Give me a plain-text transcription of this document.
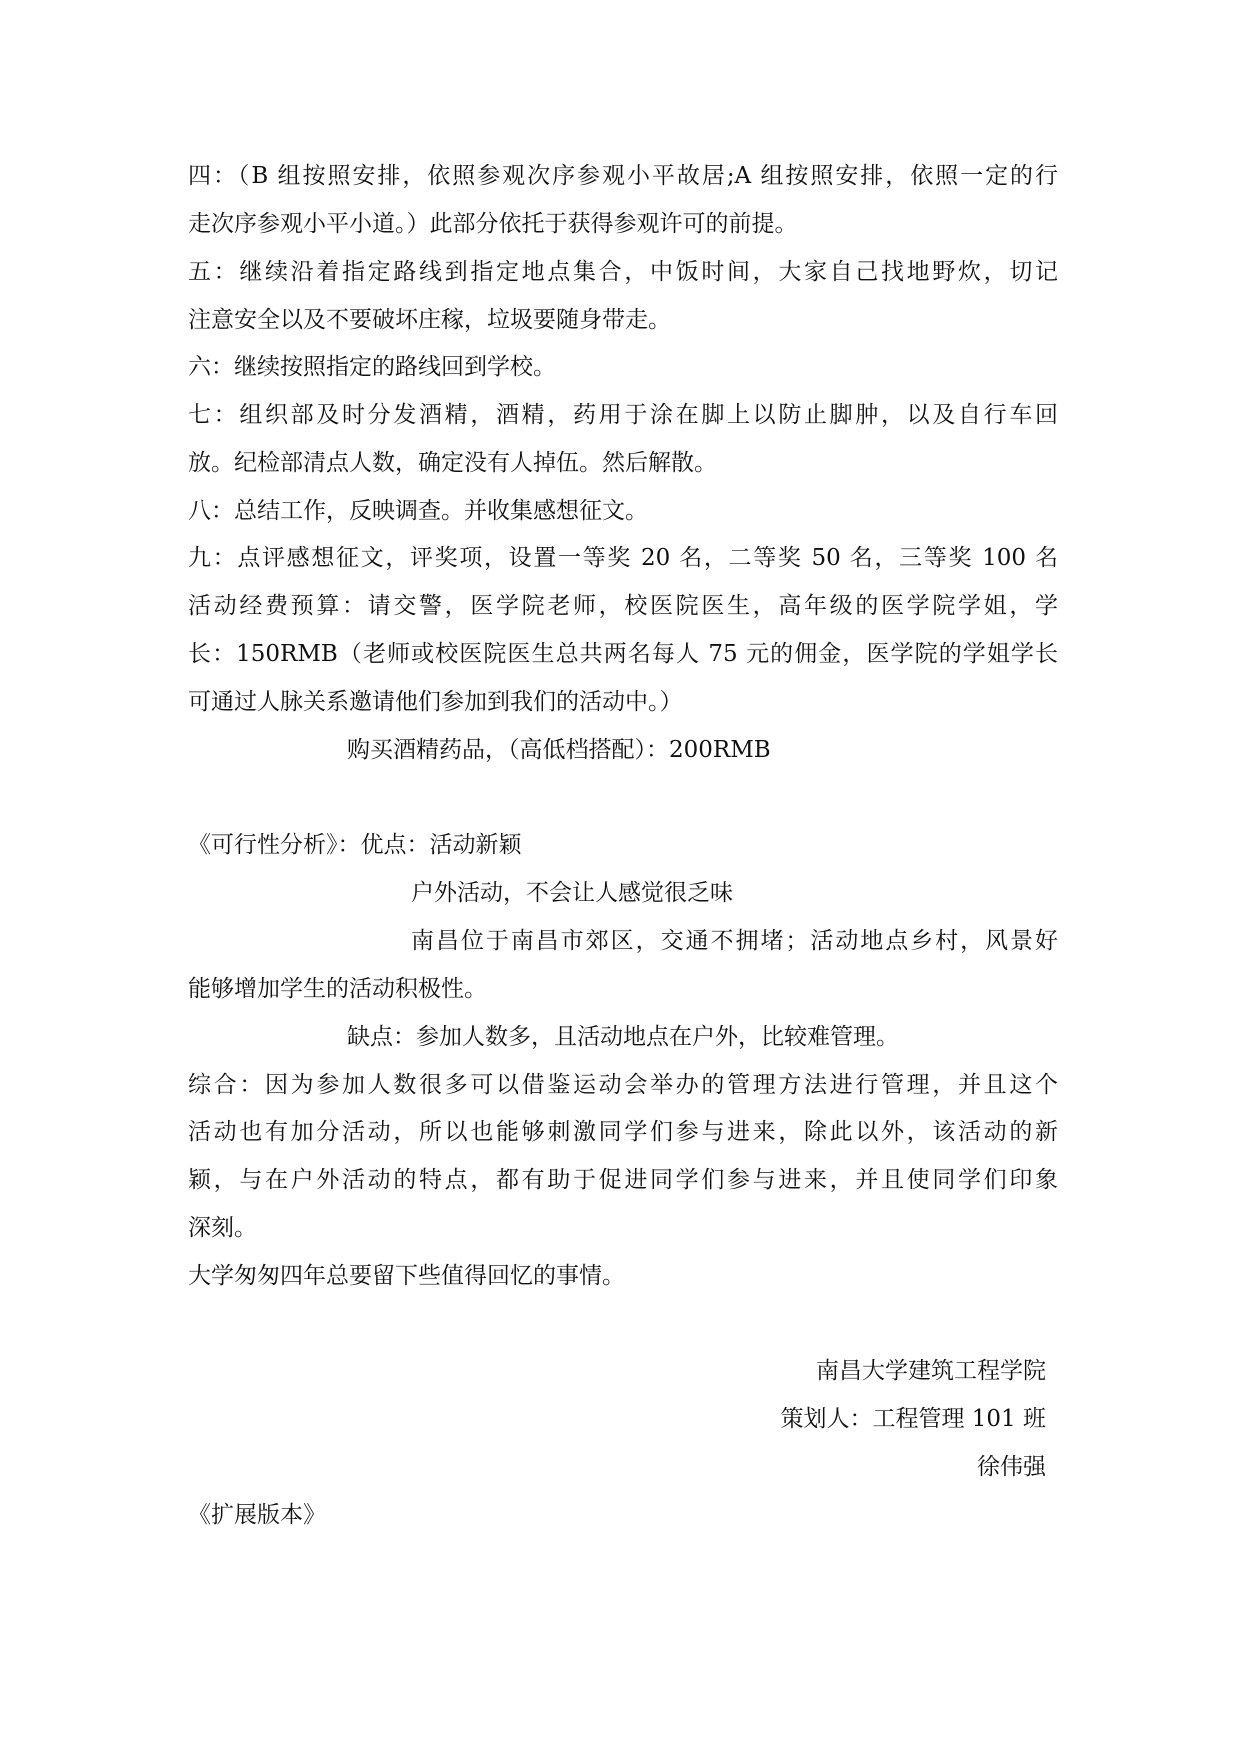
四：（B 组按照安排，依照参观次序参观小平故居;A 组按照安排，依照一定的行
走次序参观小平小道。）此部分依托于获得参观许可的前提。
五：继续沿着指定路线到指定地点集合，中饭时间，大家自己找地野炊，切记
注意安全以及不要破坏庄稼，垃圾要随身带走。
六：继续按照指定的路线回到学校。
七：组织部及时分发酒精，酒精，药用于涂在脚上以防止脚肿，以及自行车回
放。纪检部清点人数，确定没有人掉伍。然后解散。
八：总结工作，反映调查。并收集感想征文。
九：点评感想征文，评奖项，设置一等奖 20 名，二等奖 50 名，三等奖 100 名
活动经费预算：请交警，医学院老师，校医院医生，高年级的医学院学姐，学
长：150RMB（老师或校医院医生总共两名每人 75 元的佣金，医学院的学姐学长
可通过人脉关系邀请他们参加到我们的活动中。）
购买酒精药品，（高低档搭配）：200RMB
《可行性分析》：优点：活动新颖
户外活动，不会让人感觉很乏味
南昌位于南昌市郊区，交通不拥堵；活动地点乡村，风景好
能够增加学生的活动积极性。
缺点：参加人数多，且活动地点在户外，比较难管理。
综合：因为参加人数很多可以借鉴运动会举办的管理方法进行管理，并且这个
活动也有加分活动，所以也能够刺激同学们参与进来，除此以外，该活动的新
颖，与在户外活动的特点，都有助于促进同学们参与进来，并且使同学们印象
深刻。
大学匆匆四年总要留下些值得回忆的事情。
南昌大学建筑工程学院
策划人：工程管理 101 班
徐伟强
《扩展版本》
